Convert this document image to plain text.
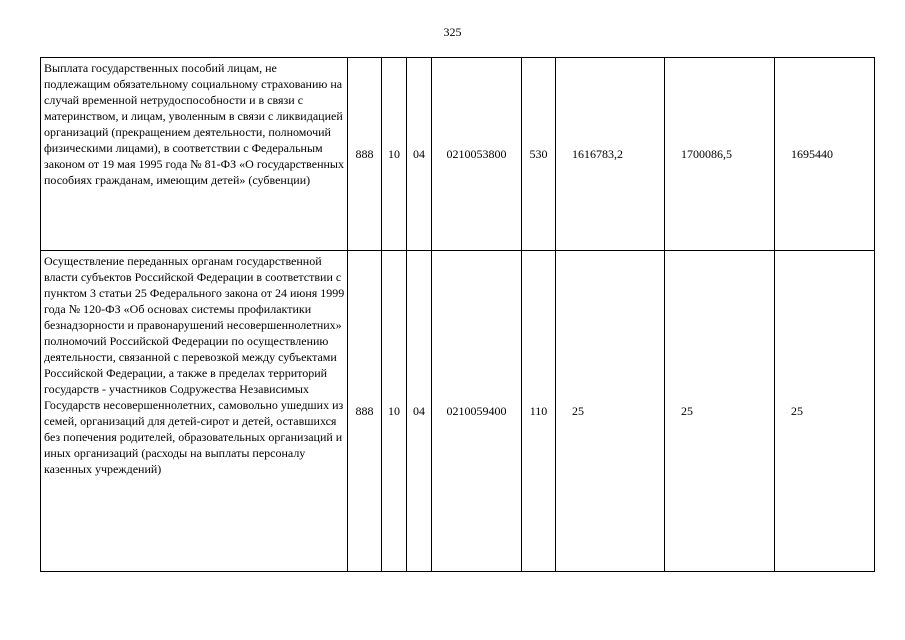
325
Выплата государственных пособий лицам, не подлежащим обязательному социальному страхованию на случай временной нетрудоспособности и в связи с материнством, и лицам, уволенным в связи с ликвидацией организаций (прекращением деятельности, полномочий физическими лицами), в соответствии с Федеральным законом от 19 мая 1995 года № 81-ФЗ «О государственных пособиях гражданам, имеющим детей» (субвенции)	888	10	04	0210053800	530	1616783,2	1700086,5	1695440
Осуществление переданных органам государственной власти субъектов Российской Федерации в соответствии с пунктом 3 статьи 25 Федерального закона от 24 июня 1999 года № 120-ФЗ «Об основах системы профилактики безнадзорности и правонарушений несовершеннолетних» полномочий Российской Федерации по осуществлению деятельности, связанной с перевозкой между субъектами Российской Федерации, а также в пределах территорий государств - участников Содружества Независимых Государств несовершеннолетних, самовольно ушедших из семей, организаций для детей-сирот и детей, оставшихся без попечения родителей, образовательных организаций и иных организаций (расходы на выплаты персоналу казенных учреждений)	888	10	04	0210059400	110	25	25	25
